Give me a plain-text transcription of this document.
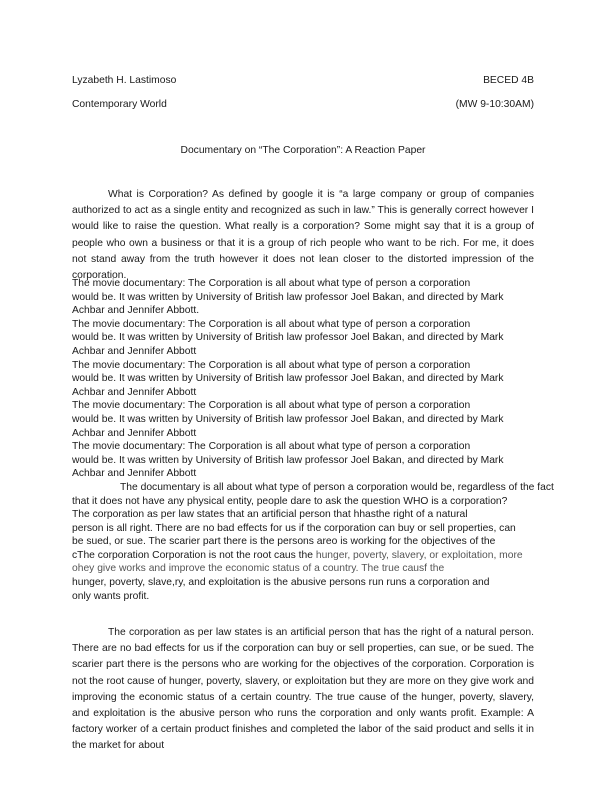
Lyzabeth H. Lastimoso	BECED 4B
Contemporary World	(MW 9-10:30AM)
Documentary on “The Corporation”: A Reaction Paper

What is Corporation? As defined by google it is “a large company or group of companies authorized to act as a single entity and recognized as such in law.” This is generally correct however I would like to raise the question. What really is a corporation? Some might say that it is a group of people who own a business or that it is a group of rich people who want to be rich. For me, it does not stand away from the truth however it does not lean closer to the distorted impression of the corporation.

The movie documentary: The Corporation is all about what type of person a corporation
would be. It was written by University of British law professor Joel Bakan, and directed by Mark
Achbar and Jennifer Abbott.
The movie documentary: The Corporation is all about what type of person a corporation
would be. It was written by University of British law professor Joel Bakan, and directed by Mark
Achbar and Jennifer Abbott
The movie documentary: The Corporation is all about what type of person a corporation
would be. It was written by University of British law professor Joel Bakan, and directed by Mark
Achbar and Jennifer Abbott
The movie documentary: The Corporation is all about what type of person a corporation
would be. It was written by University of British law professor Joel Bakan, and directed by Mark
Achbar and Jennifer Abbott
The movie documentary: The Corporation is all about what type of person a corporation
would be. It was written by University of British law professor Joel Bakan, and directed by Mark
Achbar and Jennifer Abbott
The documentary is all about what type of person a corporation would be, regardless of the fact
that it does not have any physical entity, people dare to ask the question WHO is a corporation?
The corporation as per law states that an artificial person that hhasthe right of a natural
person is all right. There are no bad effects for us if the corporation can buy or sell properties, can
be sued, or sue. The scarier part there is the persons areo is working for the objectives of the
cThe corporation Corporation is not the root caus the hunger, poverty, slavery, or exploitation, more
ohey give works and improve the economic status of a country. The true causf the
hunger, poverty, slave,ry, and exploitation is the abusive persons run runs a corporation and
only wants profit.

The corporation as per law states is an artificial person that has the right of a natural person. There are no bad effects for us if the corporation can buy or sell properties, can sue, or be sued. The scarier part there is the persons who are working for the objectives of the corporation. Corporation is not the root cause of hunger, poverty, slavery, or exploitation but they are more on they give work and improving the economic status of a certain country. The true cause of the hunger, poverty, slavery, and exploitation is the abusive person who runs the corporation and only wants profit. Example: A factory worker of a certain product finishes and completed the labor of the said product and sells it in the market for about
